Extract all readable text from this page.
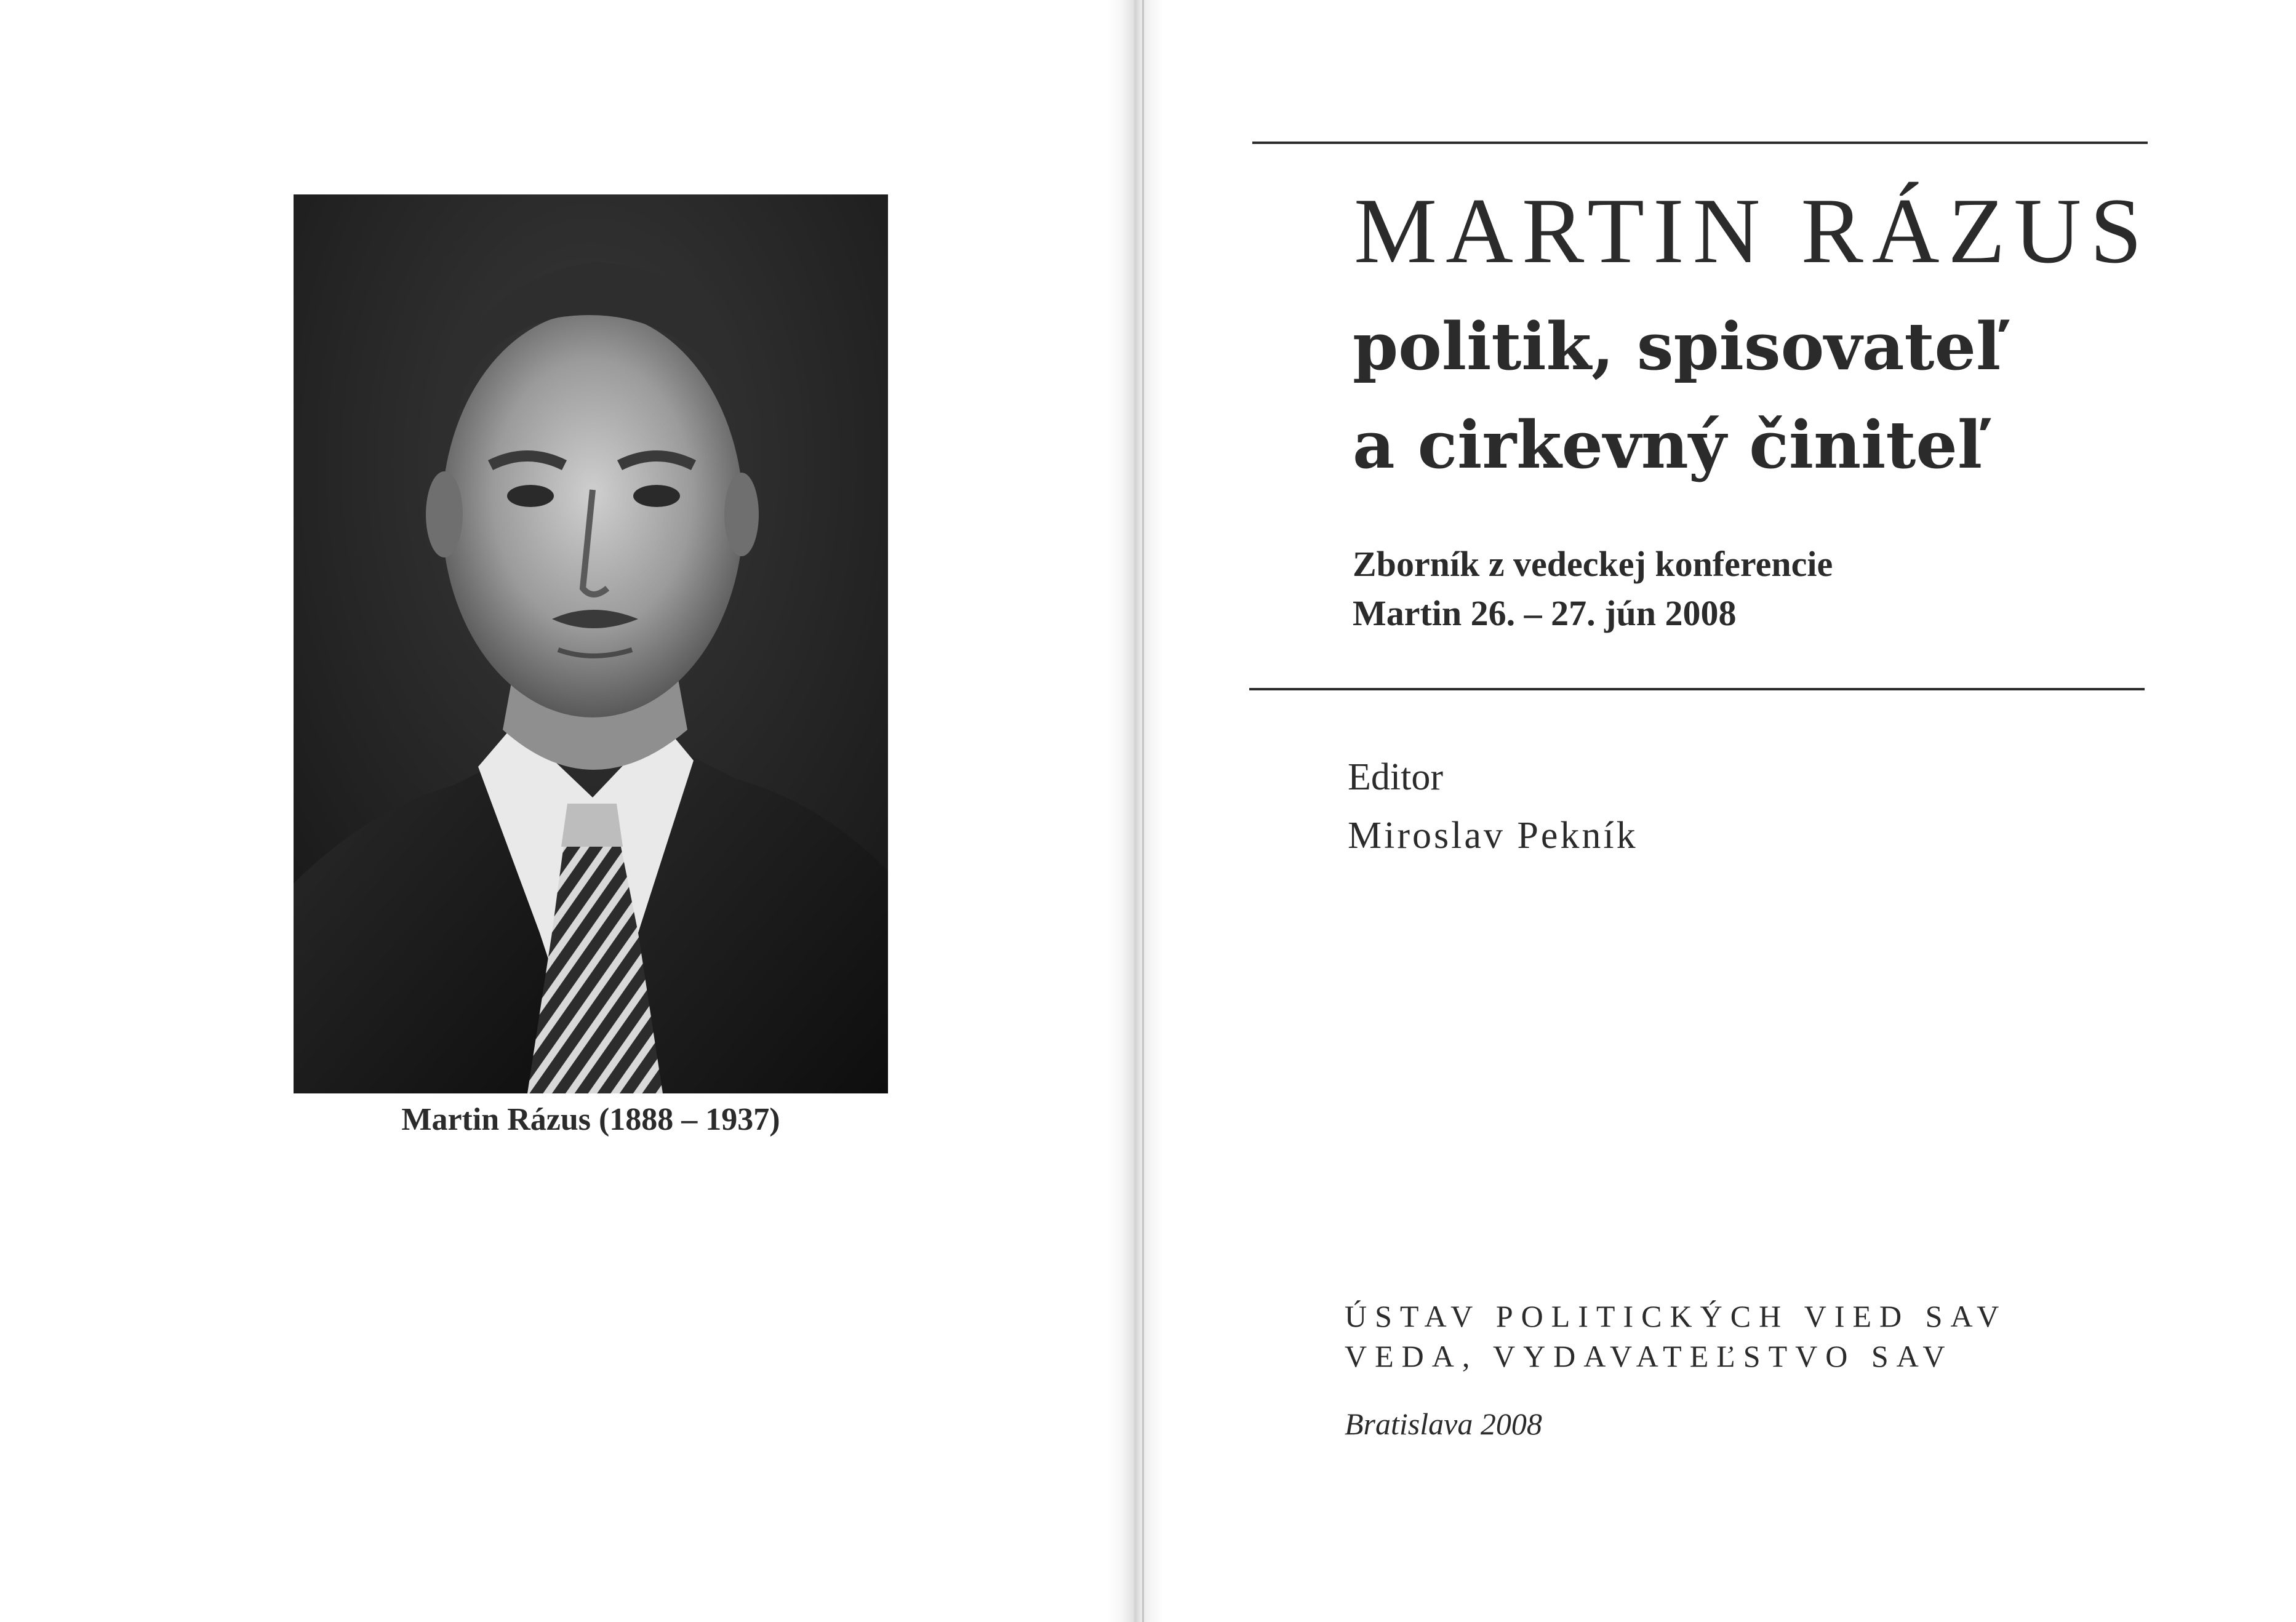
Martin Rázus (1888 – 1937)
MARTIN RÁZUS
politik, spisovateľ
a cirkevný činiteľ
Zborník z vedeckej konferencie
Martin 26. – 27. jún 2008
Editor
Miroslav Pekník
ÚSTAV POLITICKÝCH VIED SAV
VEDA, VYDAVATEĽSTVO SAV
Bratislava 2008
